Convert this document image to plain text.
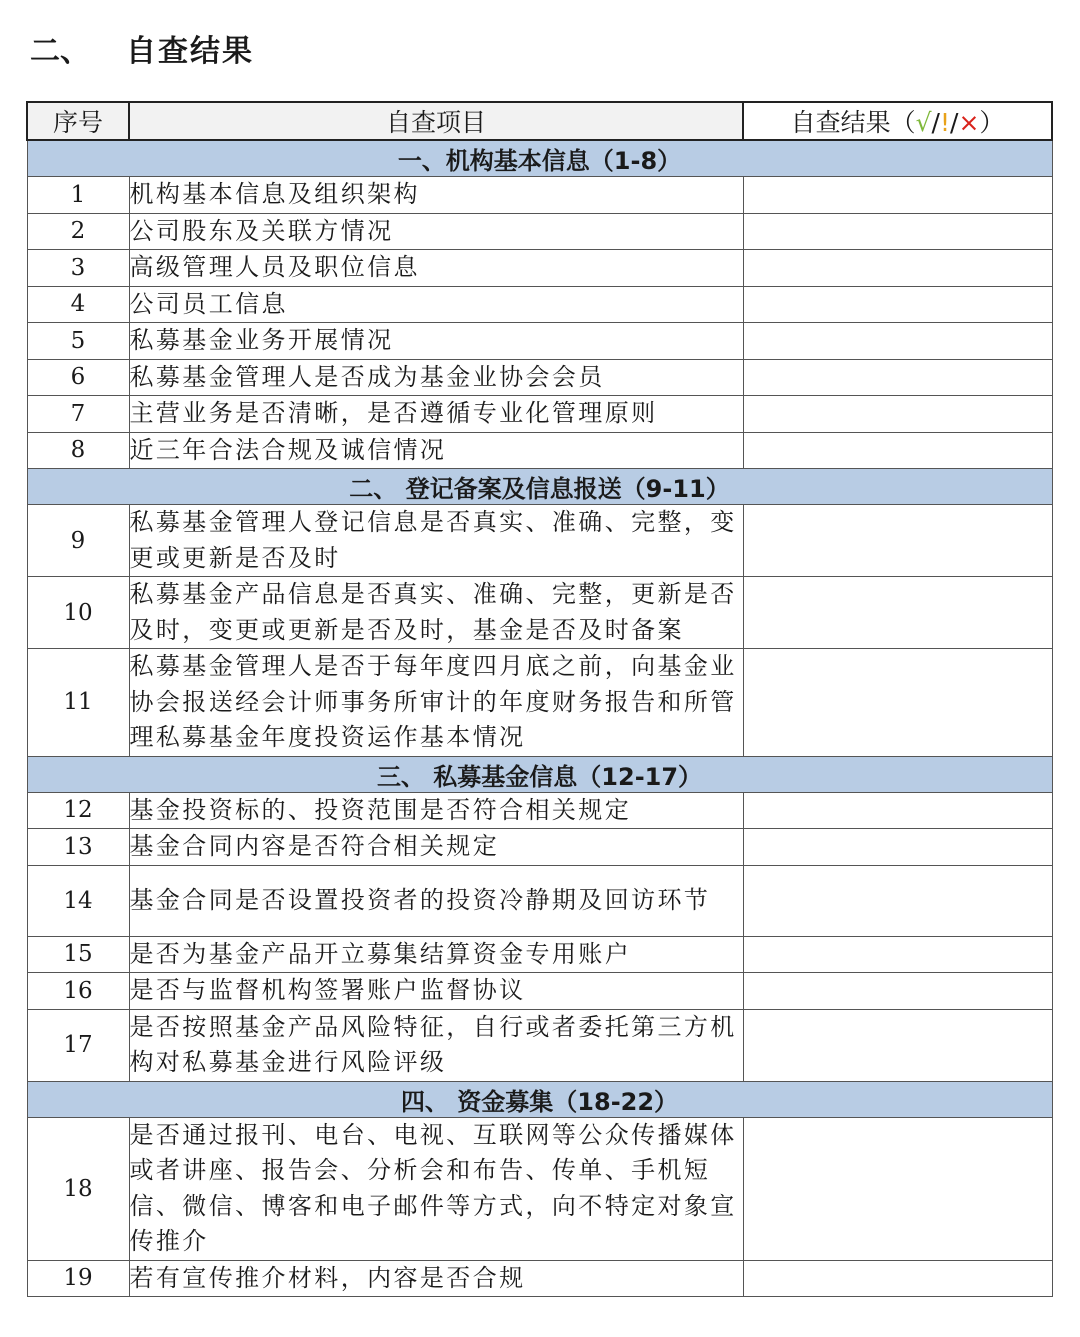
二、	自查结果
序号	自查项目	自查结果（√/!/×）
一、机构基本信息（1-8）		
1	机构基本信息及组织架构	
2	公司股东及关联方情况	
3	高级管理人员及职位信息	
4	公司员工信息	
5	私募基金业务开展情况	
6	私募基金管理人是否成为基金业协会会员	
7	主营业务是否清晰，是否遵循专业化管理原则	
8	近三年合法合规及诚信情况	
二、 登记备案及信息报送（9-11）		
9	私募基金管理人登记信息是否真实、准确、完整，变更或更新是否及时	
10	私募基金产品信息是否真实、准确、完整，更新是否及时，变更或更新是否及时，基金是否及时备案	
11	私募基金管理人是否于每年度四月底之前，向基金业协会报送经会计师事务所审计的年度财务报告和所管理私募基金年度投资运作基本情况	
三、 私募基金信息（12-17）		
12	基金投资标的、投资范围是否符合相关规定	
13	基金合同内容是否符合相关规定	
14	基金合同是否设置投资者的投资冷静期及回访环节	
15	是否为基金产品开立募集结算资金专用账户	
16	是否与监督机构签署账户监督协议	
17	是否按照基金产品风险特征，自行或者委托第三方机构对私募基金进行风险评级	
四、 资金募集（18-22）		
18	是否通过报刊、电台、电视、互联网等公众传播媒体或者讲座、报告会、分析会和布告、传单、手机短信、微信、博客和电子邮件等方式，向不特定对象宣传推介	
19	若有宣传推介材料，内容是否合规	
